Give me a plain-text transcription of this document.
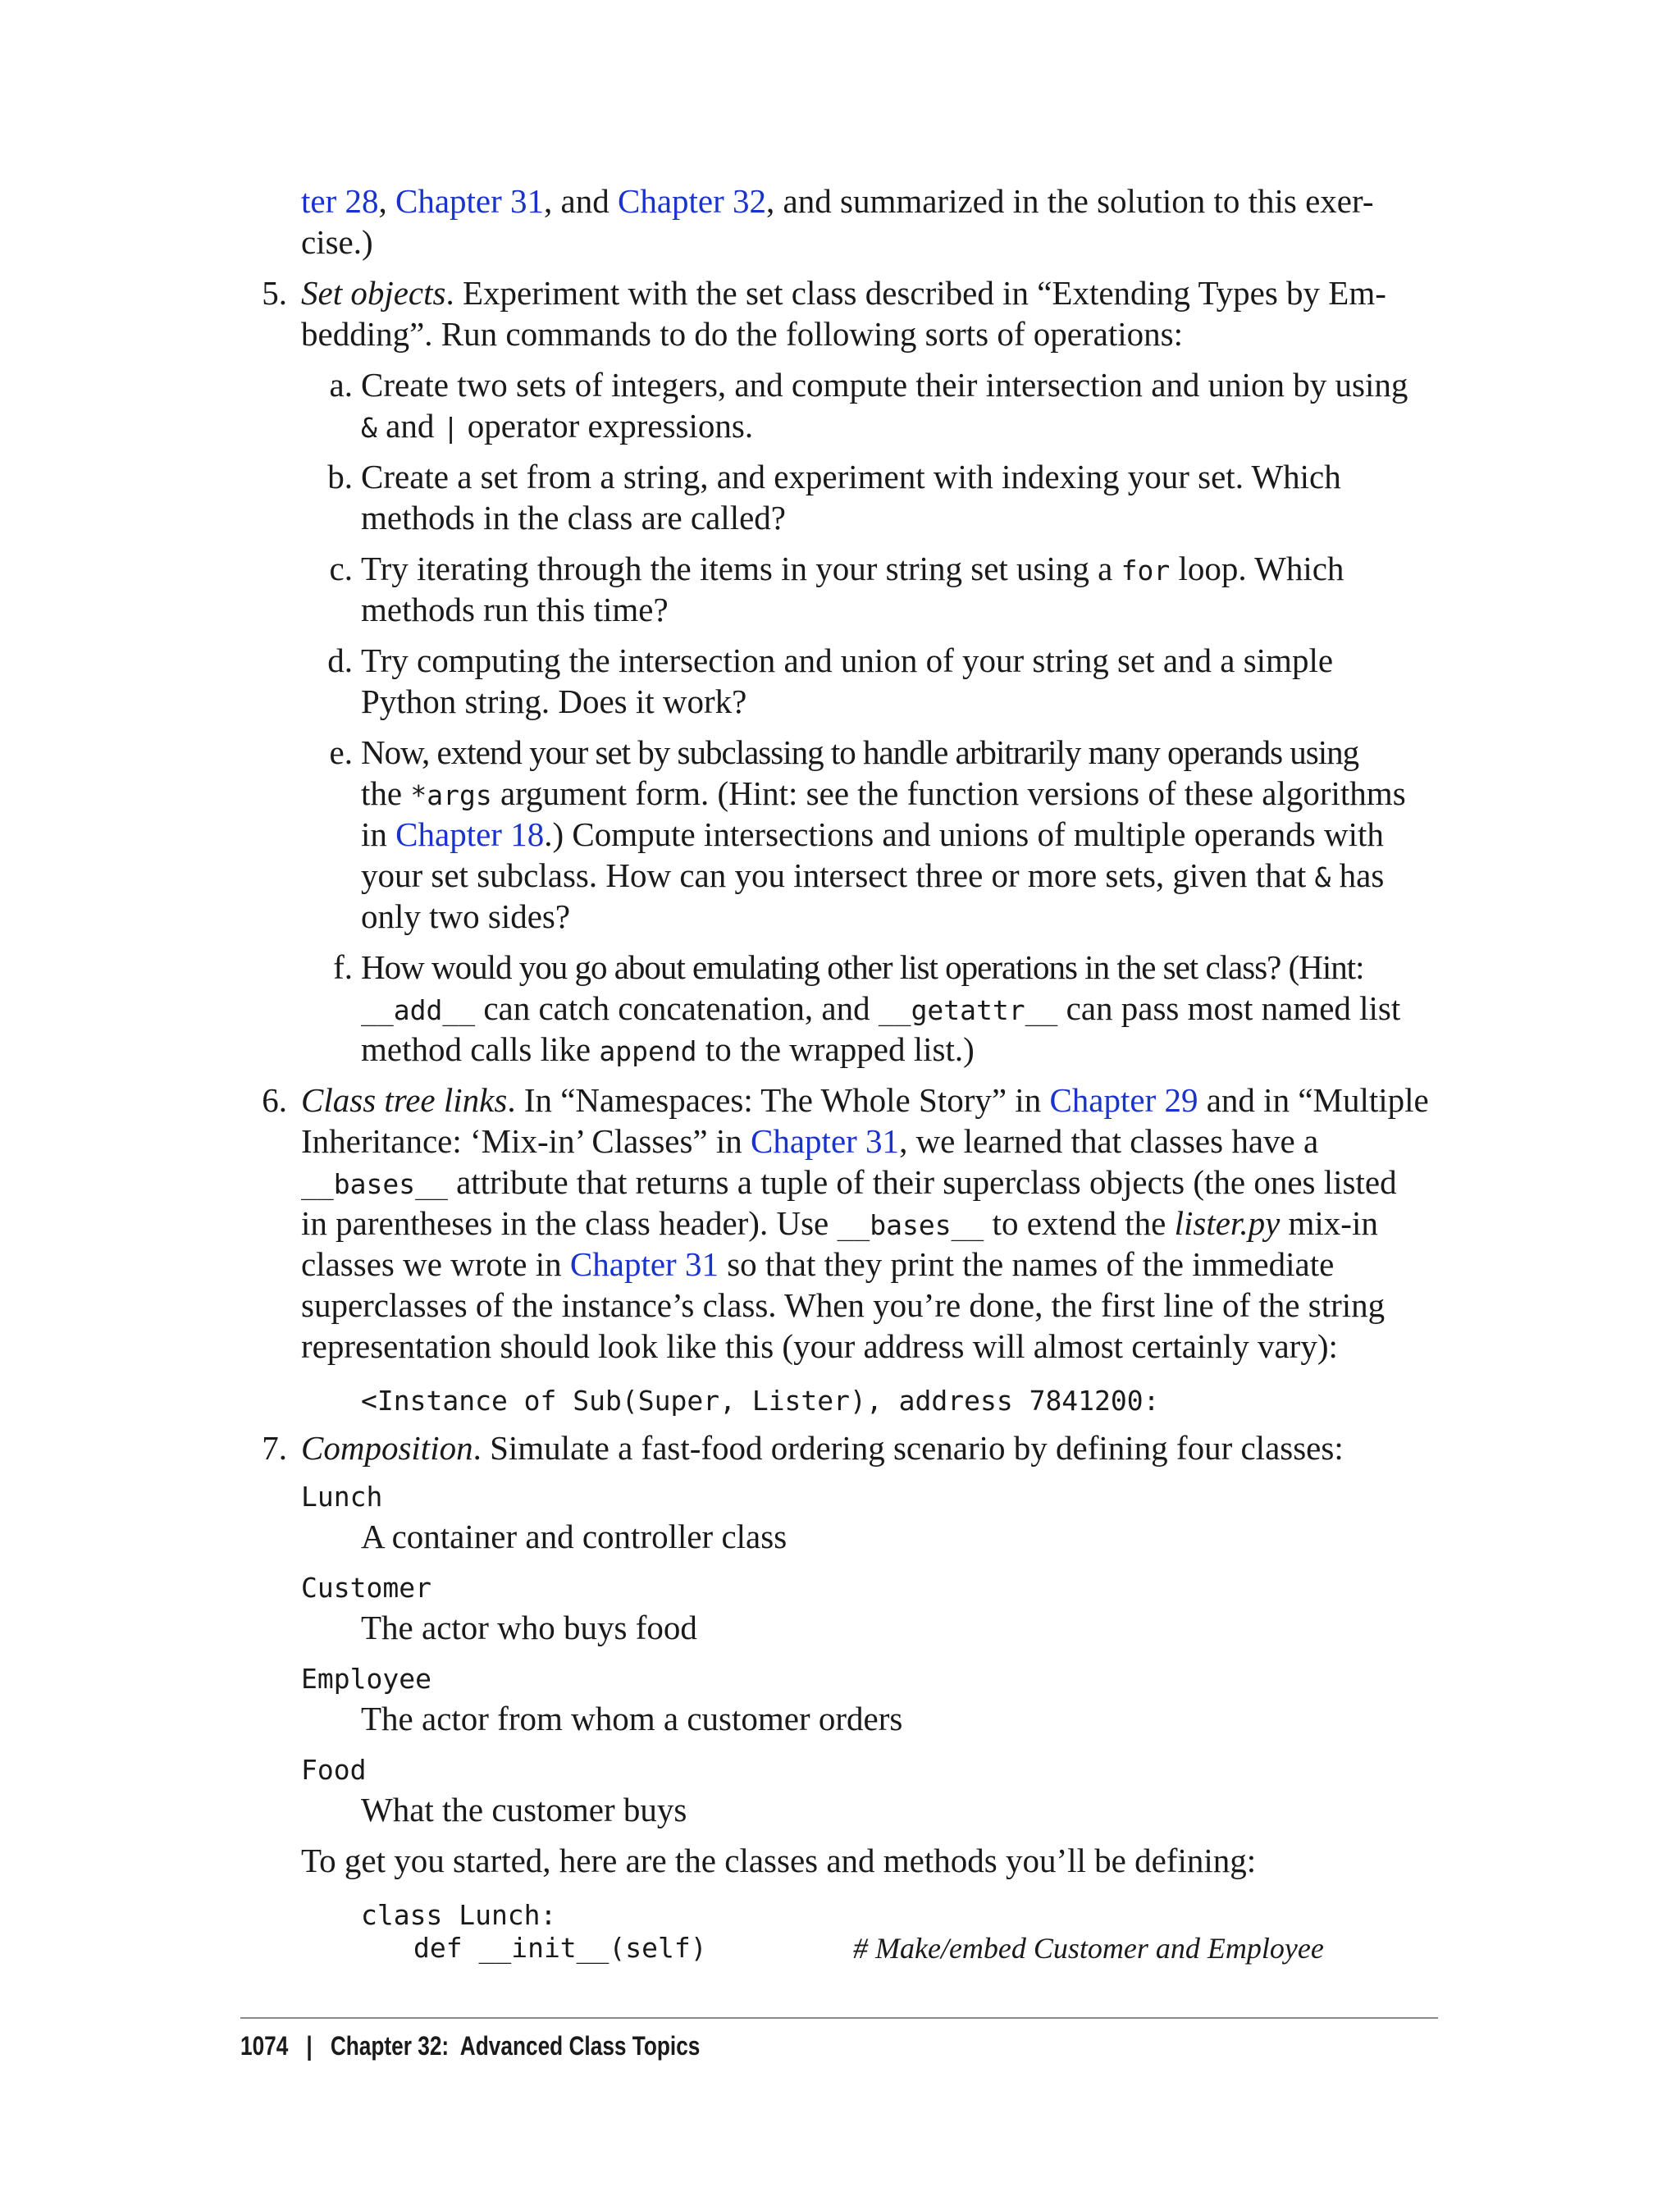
ter 28, Chapter 31, and Chapter 32, and summarized in the solution to this exer-
cise.)
5. Set objects. Experiment with the set class described in “Extending Types by Em-
bedding”. Run commands to do the following sorts of operations:
a. Create two sets of integers, and compute their intersection and union by using
& and | operator expressions.
b. Create a set from a string, and experiment with indexing your set. Which
methods in the class are called?
c. Try iterating through the items in your string set using a for loop. Which
methods run this time?
d. Try computing the intersection and union of your string set and a simple
Python string. Does it work?
e. Now, extend your set by subclassing to handle arbitrarily many operands using
the *args argument form. (Hint: see the function versions of these algorithms
in Chapter 18.) Compute intersections and unions of multiple operands with
your set subclass. How can you intersect three or more sets, given that & has
only two sides?
f. How would you go about emulating other list operations in the set class? (Hint:
__add__ can catch concatenation, and __getattr__ can pass most named list
method calls like append to the wrapped list.)
6. Class tree links. In “Namespaces: The Whole Story” in Chapter 29 and in “Multiple
Inheritance: ‘Mix-in’ Classes” in Chapter 31, we learned that classes have a
__bases__ attribute that returns a tuple of their superclass objects (the ones listed
in parentheses in the class header). Use __bases__ to extend the lister.py mix-in
classes we wrote in Chapter 31 so that they print the names of the immediate
superclasses of the instance’s class. When you’re done, the first line of the string
representation should look like this (your address will almost certainly vary):
<Instance of Sub(Super, Lister), address 7841200:
7. Composition. Simulate a fast-food ordering scenario by defining four classes:
Lunch
A container and controller class
Customer
The actor who buys food
Employee
The actor from whom a customer orders
Food
What the customer buys
To get you started, here are the classes and methods you’ll be defining:
class Lunch:
def __init__(self)	# Make/embed Customer and Employee
1074 | Chapter 32:  Advanced Class Topics
